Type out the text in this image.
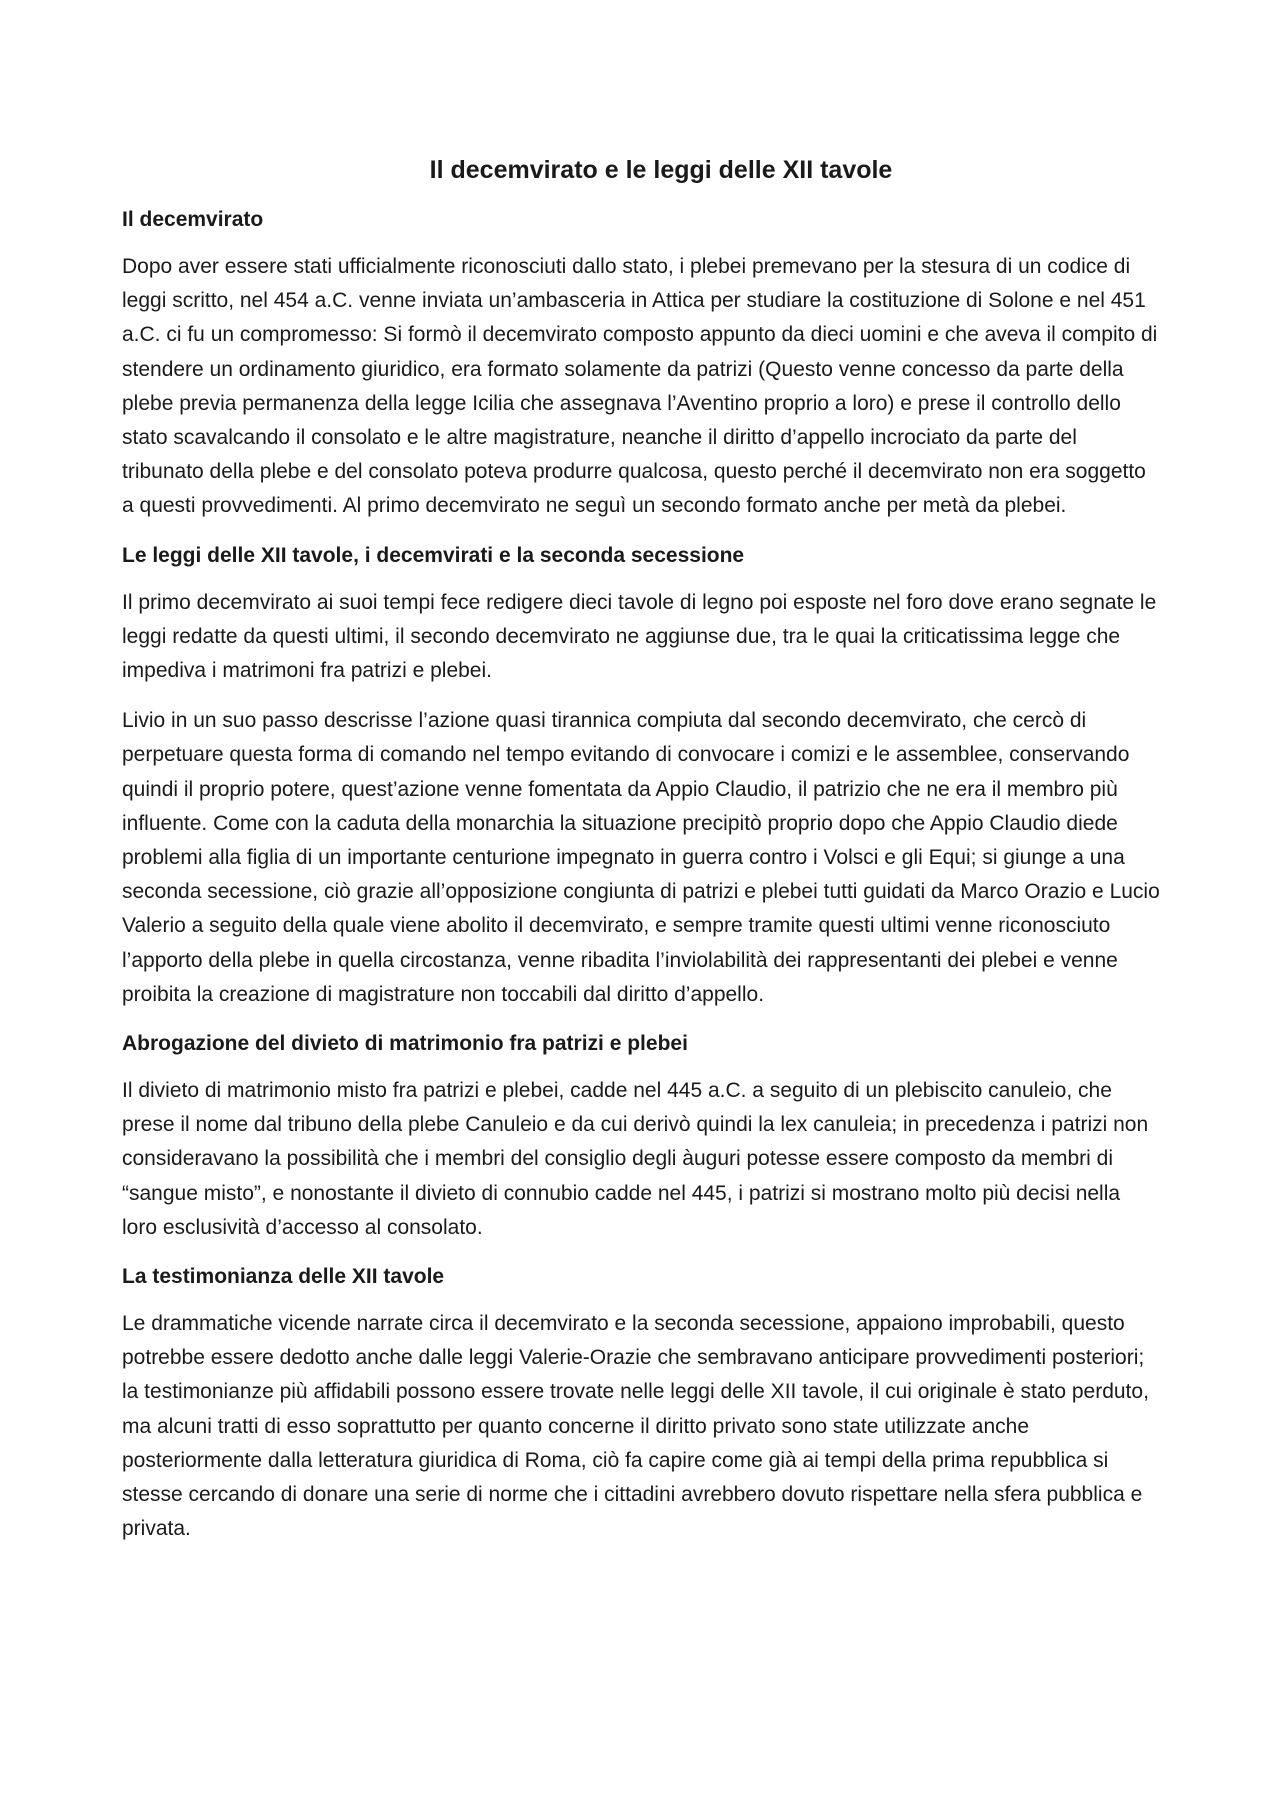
Il decemvirato e le leggi delle XII tavole
Il decemvirato

Dopo aver essere stati ufficialmente riconosciuti dallo stato, i plebei premevano per la stesura di un codice di leggi scritto, nel 454 a.C. venne inviata un’ambasceria in Attica per studiare la costituzione di Solone e nel 451 a.C. ci fu un compromesso: Si formò il decemvirato composto appunto da dieci uomini e che aveva il compito di stendere un ordinamento giuridico, era formato solamente da patrizi (Questo venne concesso da parte della plebe previa permanenza della legge Icilia che assegnava l’Aventino proprio a loro) e prese il controllo dello stato scavalcando il consolato e le altre magistrature, neanche il diritto d’appello incrociato da parte del tribunato della plebe e del consolato poteva produrre qualcosa, questo perché il decemvirato non era soggetto a questi provvedimenti. Al primo decemvirato ne seguì un secondo formato anche per metà da plebei.

Le leggi delle XII tavole, i decemvirati e la seconda secessione

Il primo decemvirato ai suoi tempi fece redigere dieci tavole di legno poi esposte nel foro dove erano segnate le leggi redatte da questi ultimi, il secondo decemvirato ne aggiunse due, tra le quai la criticatissima legge che impediva i matrimoni fra patrizi e plebei.

Livio in un suo passo descrisse l’azione quasi tirannica compiuta dal secondo decemvirato, che cercò di perpetuare questa forma di comando nel tempo evitando di convocare i comizi e le assemblee, conservando quindi il proprio potere, quest’azione venne fomentata da Appio Claudio, il patrizio che ne era il membro più influente. Come con la caduta della monarchia la situazione precipitò proprio dopo che Appio Claudio diede problemi alla figlia di un importante centurione impegnato in guerra contro i Volsci e gli Equi; si giunge a una seconda secessione, ciò grazie all’opposizione congiunta di patrizi e plebei tutti guidati da Marco Orazio e Lucio Valerio a seguito della quale viene abolito il decemvirato, e sempre tramite questi ultimi venne riconosciuto l’apporto della plebe in quella circostanza, venne ribadita l’inviolabilità dei rappresentanti dei plebei e venne proibita la creazione di magistrature non toccabili dal diritto d’appello.

Abrogazione del divieto di matrimonio fra patrizi e plebei

Il divieto di matrimonio misto fra patrizi e plebei, cadde nel 445 a.C. a seguito di un plebiscito canuleio, che prese il nome dal tribuno della plebe Canuleio e da cui derivò quindi la lex canuleia; in precedenza i patrizi non consideravano la possibilità che i membri del consiglio degli àuguri potesse essere composto da membri di “sangue misto”, e nonostante il divieto di connubio cadde nel 445, i patrizi si mostrano molto più decisi nella loro esclusività d’accesso al consolato.

La testimonianza delle XII tavole

Le drammatiche vicende narrate circa il decemvirato e la seconda secessione, appaiono improbabili, questo potrebbe essere dedotto anche dalle leggi Valerie-Orazie che sembravano anticipare provvedimenti posteriori; la testimonianze più affidabili possono essere trovate nelle leggi delle XII tavole, il cui originale è stato perduto, ma alcuni tratti di esso soprattutto per quanto concerne il diritto privato sono state utilizzate anche posteriormente dalla letteratura giuridica di Roma, ciò fa capire come già ai tempi della prima repubblica si stesse cercando di donare una serie di norme che i cittadini avrebbero dovuto rispettare nella sfera pubblica e privata.
